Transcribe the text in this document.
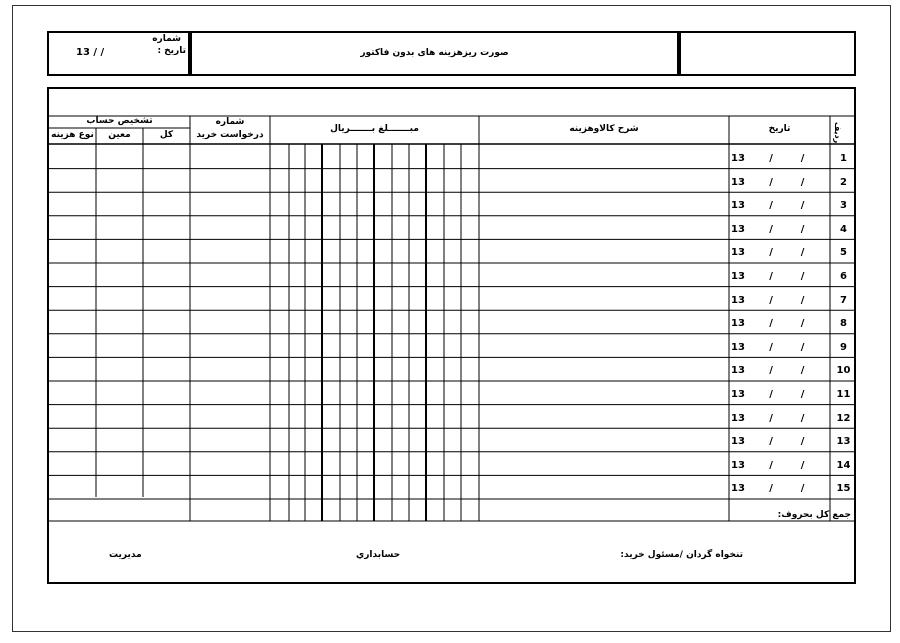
شماره
تاریخ :
13 / /	صورت ریزهزینه های بدون فاکتور
ردیف
تاریخ
شرح کالاوهزینه
مبـــــــلغ بـــــــريال
شماره
درخواست خرید
تشخیص حساب
کل
معین
نوع هزینه
1
13       /        /
2
13       /        /
3
13       /        /
4
13       /        /
5
13       /        /
6
13       /        /
7
13       /        /
8
13       /        /
9
13       /        /
10
13       /        /
11
13       /        /
12
13       /        /
13
13       /        /
14
13       /        /
15
13       /        /
جمع کل بحروف:
تنخواه گردان /مسئول خرید:
حسابداري
مدیریت
